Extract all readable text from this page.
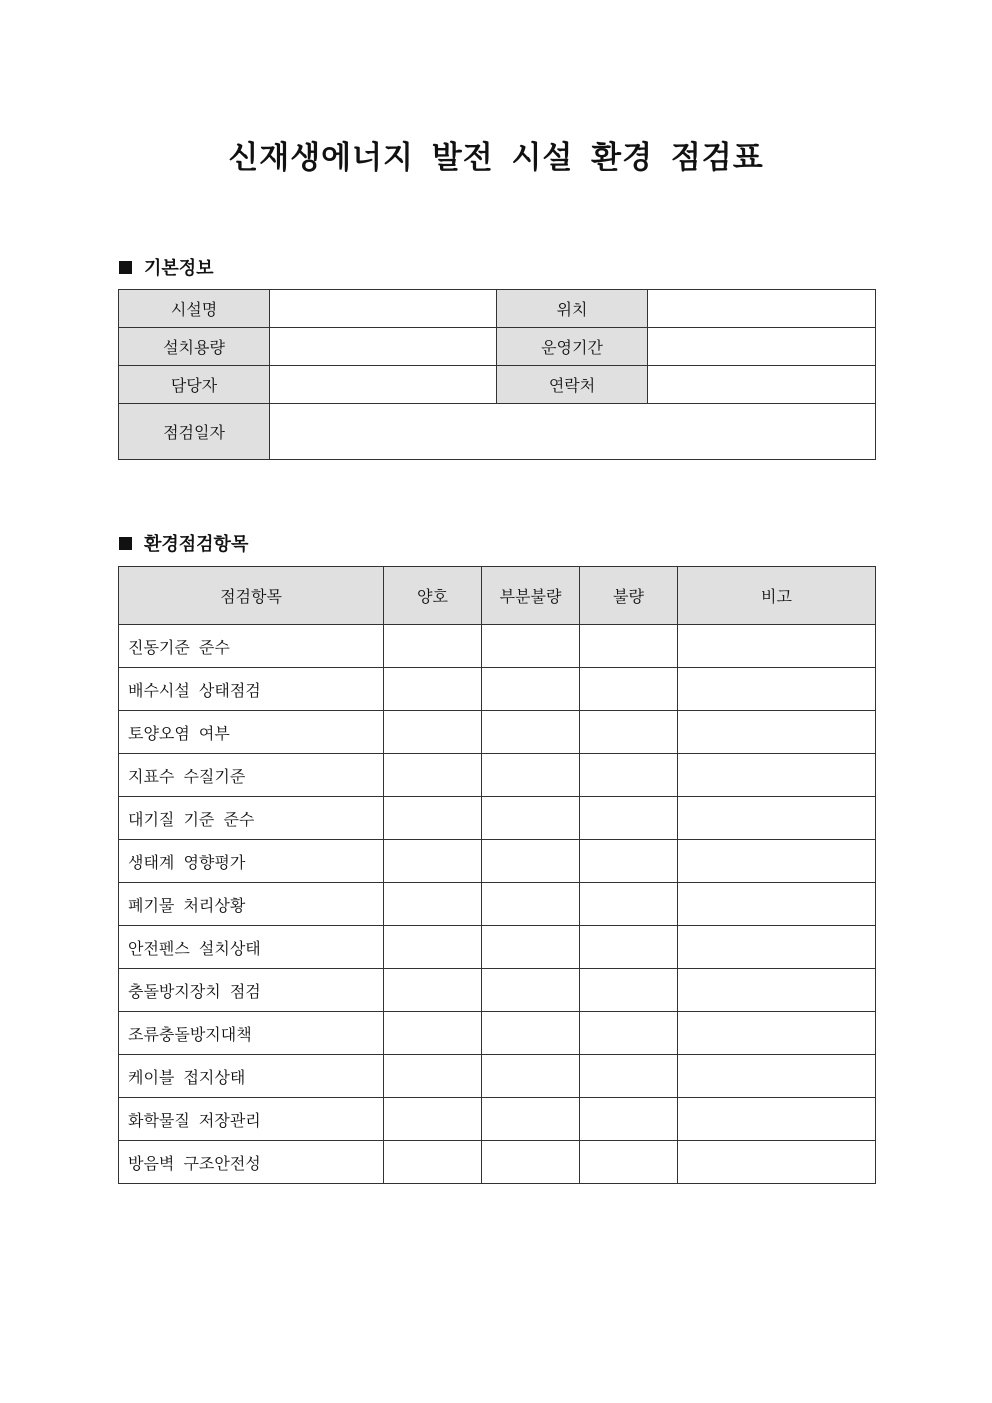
신재생에너지 발전 시설 환경 점검표
기본정보
시설명		위치	
설치용량		운영기간	
담당자		연락처	
점검일자			
환경점검항목
점검항목	양호	부분불량	불량	비고
진동기준 준수				
배수시설 상태점검				
토양오염 여부				
지표수 수질기준				
대기질 기준 준수				
생태계 영향평가				
폐기물 처리상황				
안전펜스 설치상태				
충돌방지장치 점검				
조류충돌방지대책				
케이블 접지상태				
화학물질 저장관리				
방음벽 구조안전성				
